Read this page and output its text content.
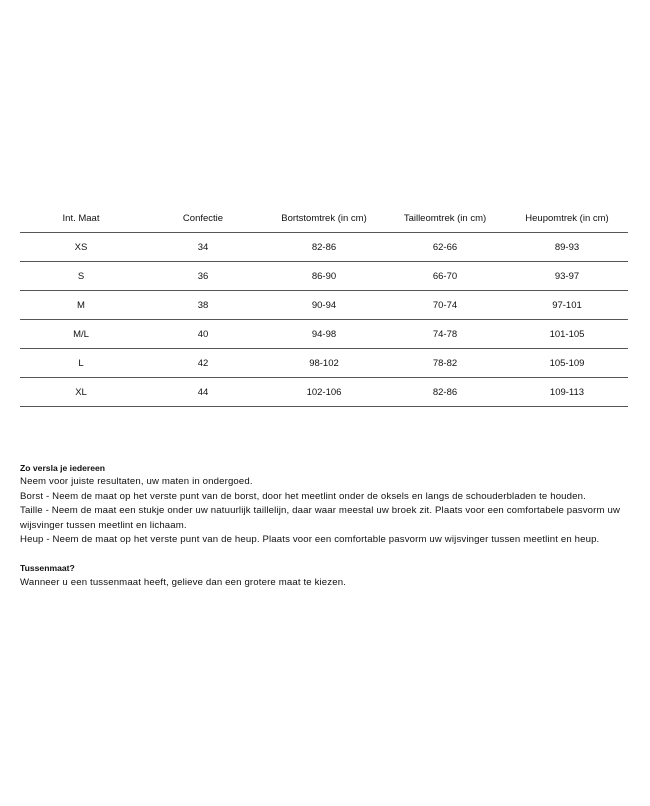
Int. Maat	Confectie	Bortstomtrek (in cm)	Tailleomtrek (in cm)	Heupomtrek (in cm)
XS	34	82-86	62-66	89-93
S	36	86-90	66-70	93-97
M	38	90-94	70-74	97-101
M/L	40	94-98	74-78	101-105
L	42	98-102	78-82	105-109
XL	44	102-106	82-86	109-113

Zo versla je iedereen

Neem voor juiste resultaten, uw maten in ondergoed.

Borst - Neem de maat op het verste punt van de borst, door het meetlint onder de oksels en langs de schouderbladen te houden.

Taille - Neem de maat een stukje onder uw natuurlijk taillelijn, daar waar meestal uw broek zit. Plaats voor een comfortabele pasvorm uw wijsvinger tussen meetlint en lichaam.

Heup - Neem de maat op het verste punt van de heup. Plaats voor een comfortable pasvorm uw wijsvinger tussen meetlint en heup.

Tussenmaat?

Wanneer u een tussenmaat heeft, gelieve dan een grotere maat te kiezen.
